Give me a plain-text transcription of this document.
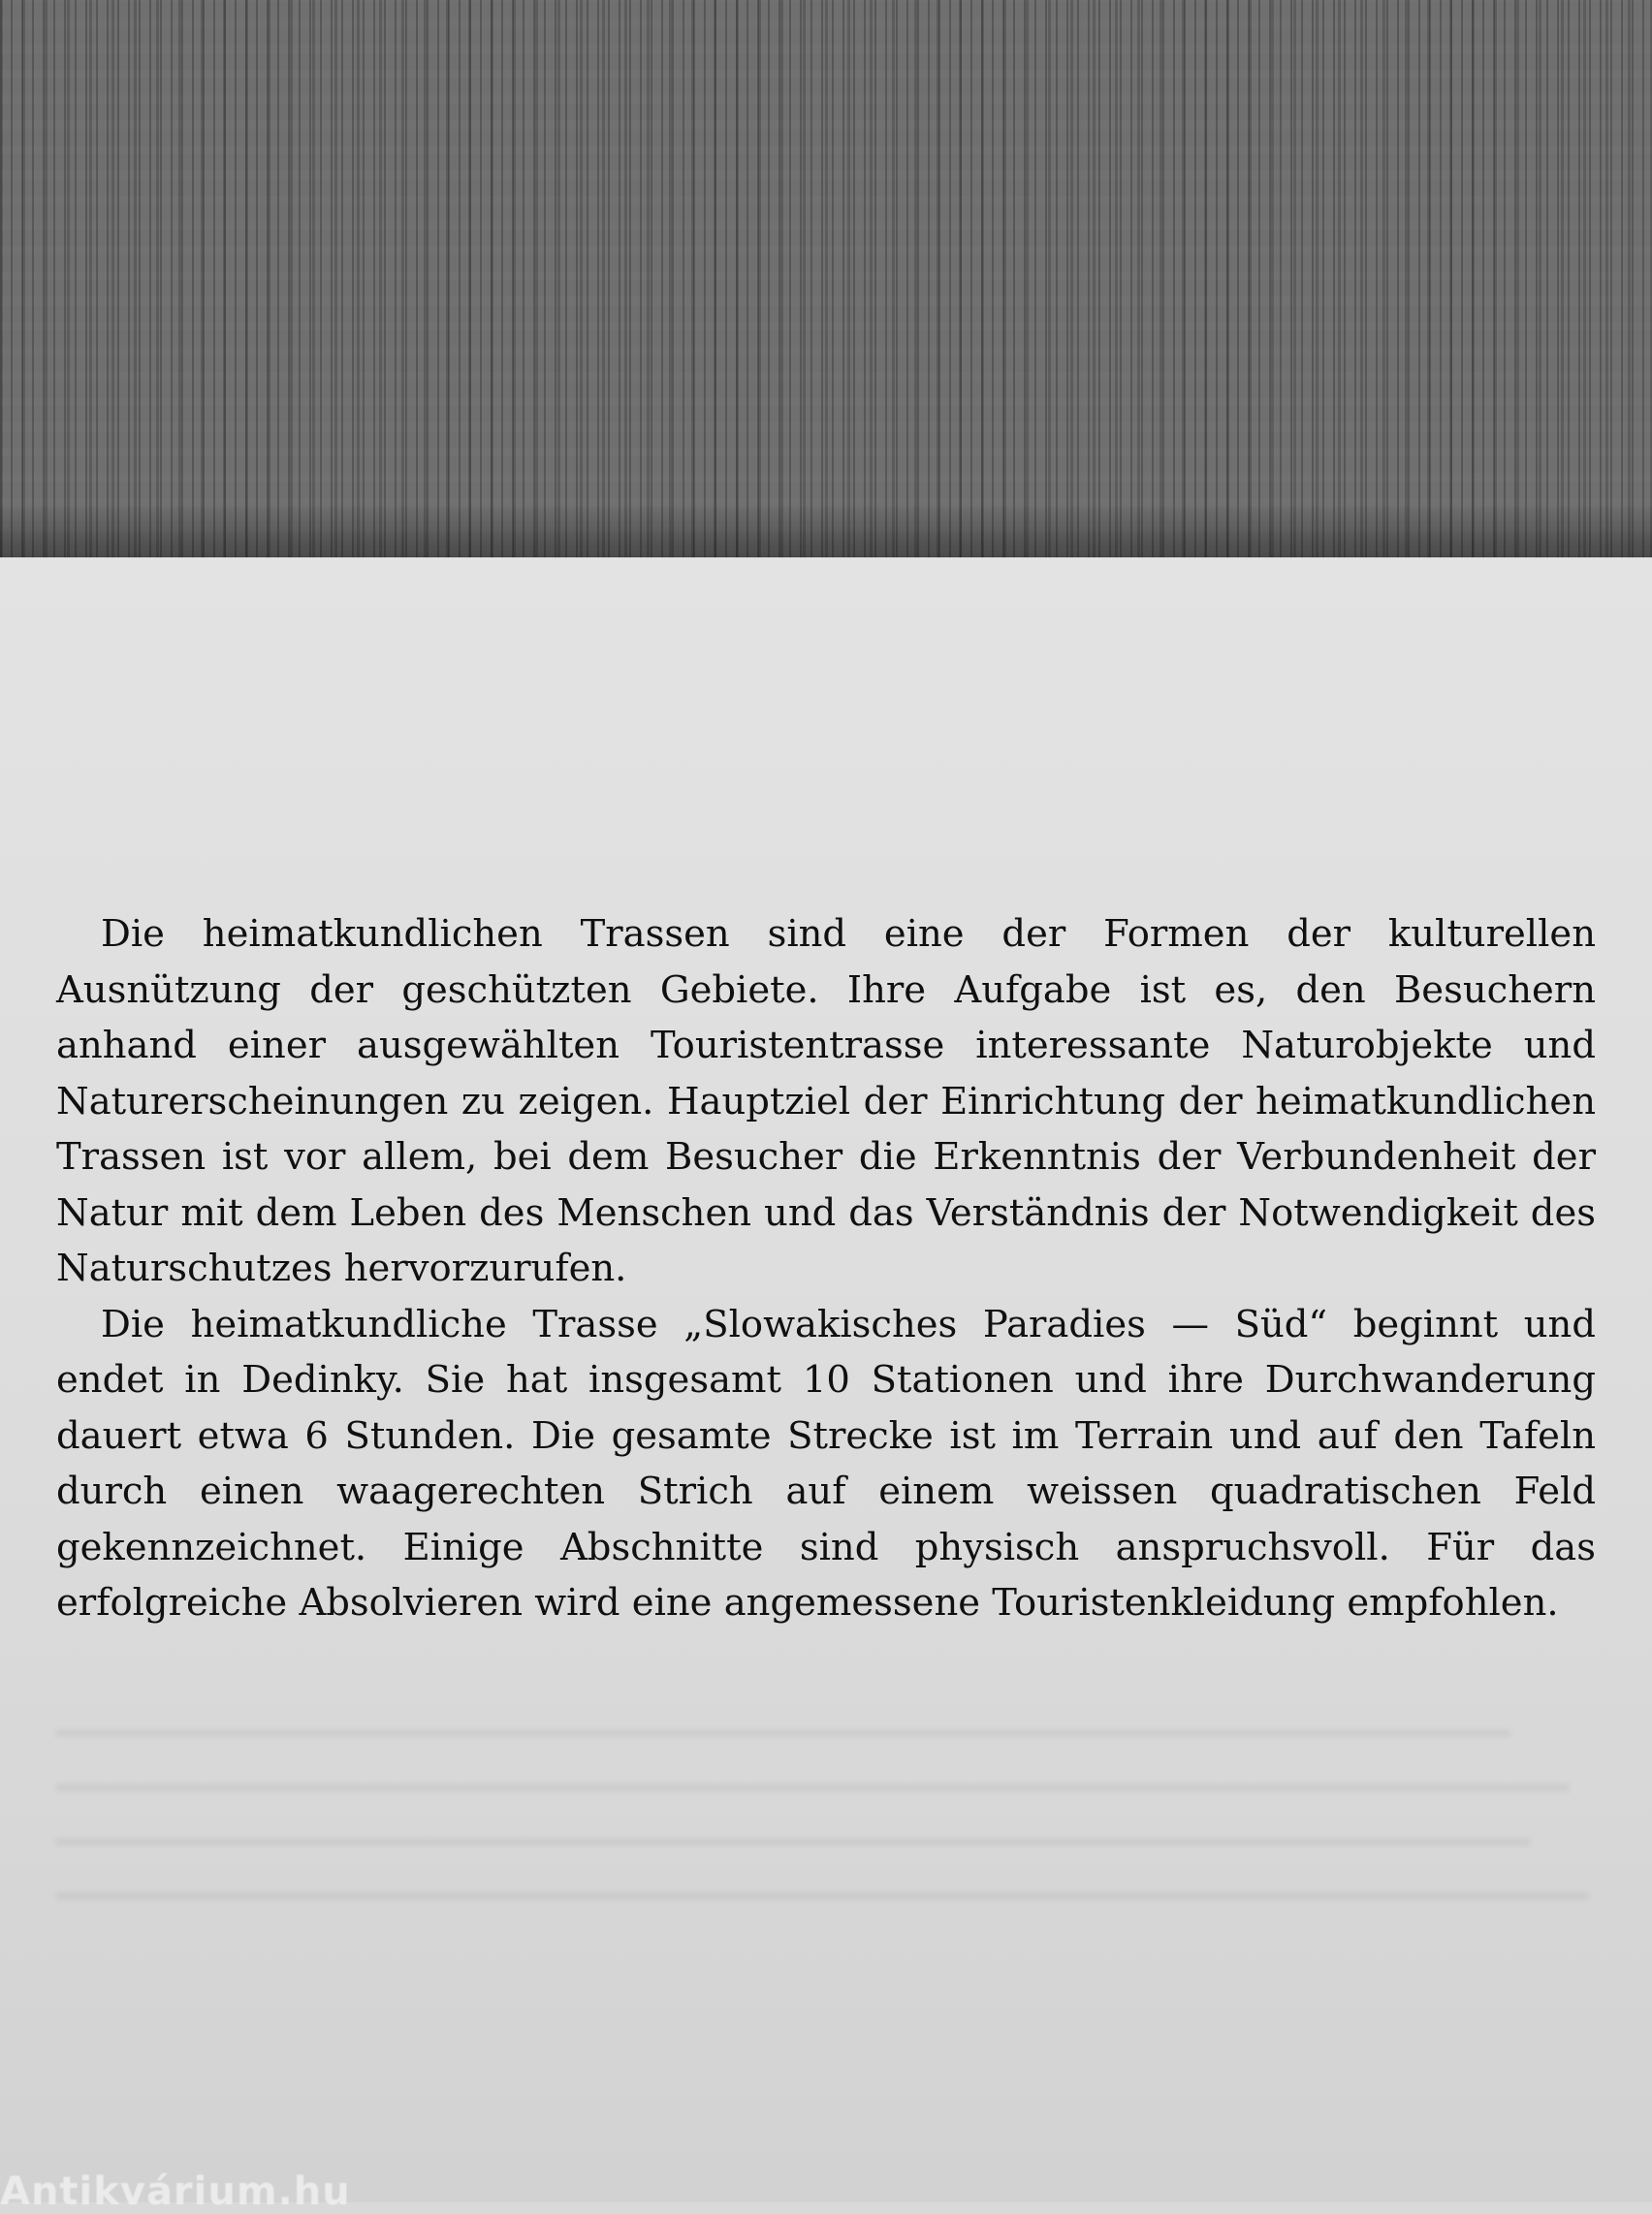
Die heimatkundlichen Trassen sind eine der Formen der kulturellen Ausnützung der geschützten Gebiete. Ihre Aufgabe ist es, den Besuchern anhand einer ausgewählten Touristentrasse interessante Naturobjekte und Naturerscheinungen zu zeigen. Hauptziel der Einrichtung der heimatkundlichen Trassen ist vor allem, bei dem Besucher die Erkenntnis der Verbundenheit der Natur mit dem Leben des Menschen und das Verständnis der Notwendigkeit des Naturschutzes hervorzurufen.

Die heimatkundliche Trasse „Slowakisches Paradies — Süd“ beginnt und endet in Dedinky. Sie hat insgesamt 10 Stationen und ihre Durchwanderung dauert etwa 6 Stunden. Die gesamte Strecke ist im Terrain und auf den Tafeln durch einen waagerechten Strich auf einem weissen quadratischen Feld gekennzeichnet. Einige Abschnitte sind physisch anspruchsvoll. Für das erfolgreiche Absolvieren wird eine angemessene Touristenkleidung empfohlen.

Antikvárium.hu
